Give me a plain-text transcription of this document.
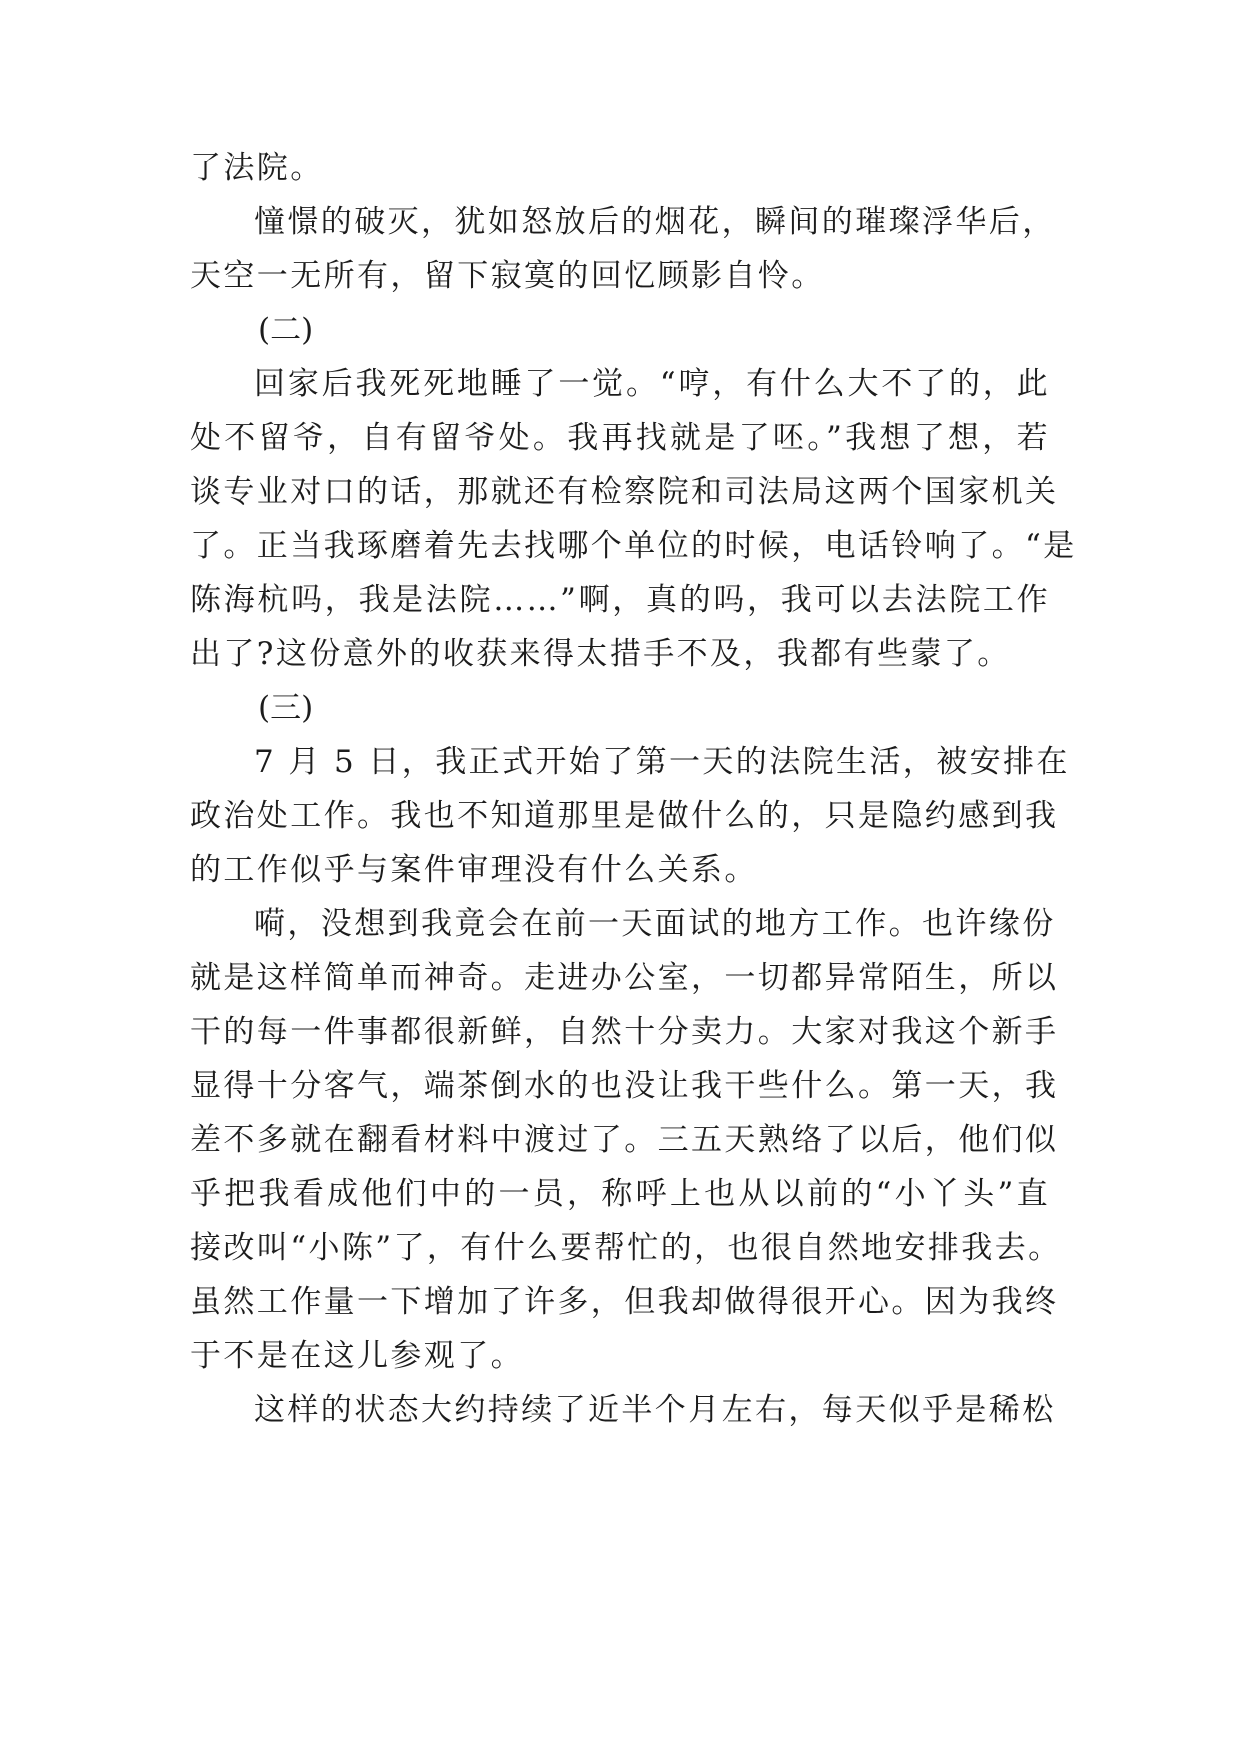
了法院。
憧憬的破灭，犹如怒放后的烟花，瞬间的璀璨浮华后，
天空一无所有，留下寂寞的回忆顾影自怜。
(二)
回家后我死死地睡了一觉。“哼，有什么大不了的，此
处不留爷，自有留爷处。我再找就是了呸。”我想了想，若
谈专业对口的话，那就还有检察院和司法局这两个国家机关
了。正当我琢磨着先去找哪个单位的时候，电话铃响了。“是
陈海杭吗，我是法院……”啊，真的吗，我可以去法院工作
出了?这份意外的收获来得太措手不及，我都有些蒙了。
(三)
7 月 5 日，我正式开始了第一天的法院生活，被安排在
政治处工作。我也不知道那里是做什么的，只是隐约感到我
的工作似乎与案件审理没有什么关系。
嗬，没想到我竟会在前一天面试的地方工作。也许缘份
就是这样简单而神奇。走进办公室，一切都异常陌生，所以
干的每一件事都很新鲜，自然十分卖力。大家对我这个新手
显得十分客气，端茶倒水的也没让我干些什么。第一天，我
差不多就在翻看材料中渡过了。三五天熟络了以后，他们似
乎把我看成他们中的一员，称呼上也从以前的“小丫头”直
接改叫“小陈”了，有什么要帮忙的，也很自然地安排我去。
虽然工作量一下增加了许多，但我却做得很开心。因为我终
于不是在这儿参观了。
这样的状态大约持续了近半个月左右，每天似乎是稀松
